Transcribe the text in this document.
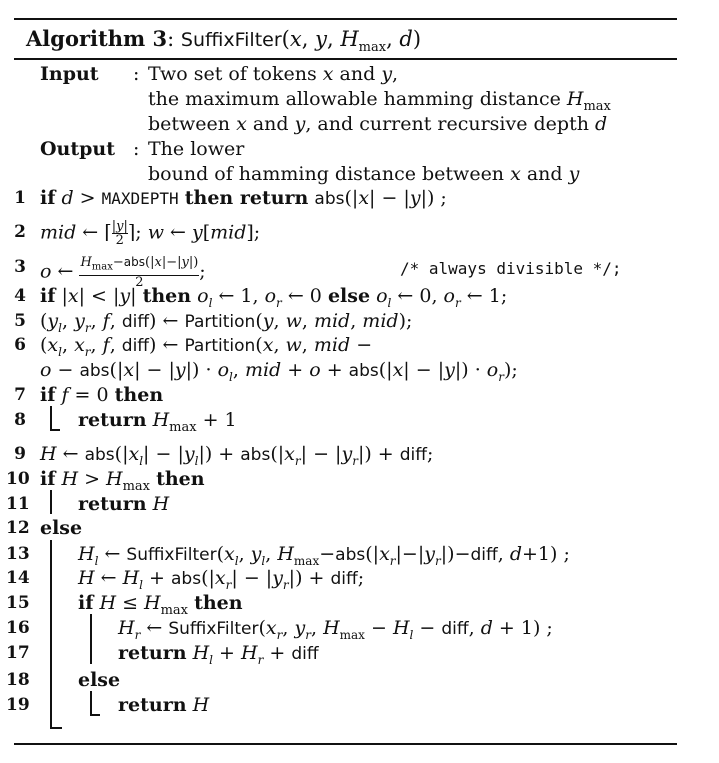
Algorithm 3: SuffixFilter(x, y, $H_{max}$, d)
Input : Two set of tokens x and y,
the maximum allowable hamming distance $H_{max}$
between x and y, and current recursive depth d
Output : The lower
bound of hamming distance between x and y
1
2
3
4
5
6
7
8
9
10
11
12
13
14
15
16
17
18
19
if d > MAXDEPTH then return abs(|x| − |y|) ;
mid ← ⌈ $\frac{|y|}{2}$ ⌉; w ← y[mid];
o ← $H_{max}-abs(|x|-|y|)$
2	;	/* always divisible */;
if |x| < |y| then $o_l$ ← 1, $o_r$ ← 0 else $o_l$ ← 0, $o_r$ ← 1;
($y_l$, $y_r$, f, diff) ← Partition(y, w, mid, mid);
($x_l$, $x_r$, f, diff) ← Partition(x, w, mid −
$o - abs(|x| - |y|) \cdot o_l$, mid + $o + abs(|x| - |y|) \cdot o_r$);
if f = 0 then
return $H_{max} + 1$
H ← $abs(|x_l| - |y_l|) + abs(|x_r| - |y_r|)$ + diff;
if $H > H_{max}$ then
return H
else
$H_l$ ← $SuffixFilter(x_l$, $y_l$, $H_{max}-abs(|x_r|-|y_r|)-diff$, d+1) ;
H ← $H_l + abs(|x_r| - |y_r|)$ + diff;
if $H \le H_{max}$ then
$H_r$ ← $SuffixFilter(x_r$, $y_r$, $H_{max} - H_l$ − diff, d + 1) ;
return $H_l + H_r$ + diff
else
return H
